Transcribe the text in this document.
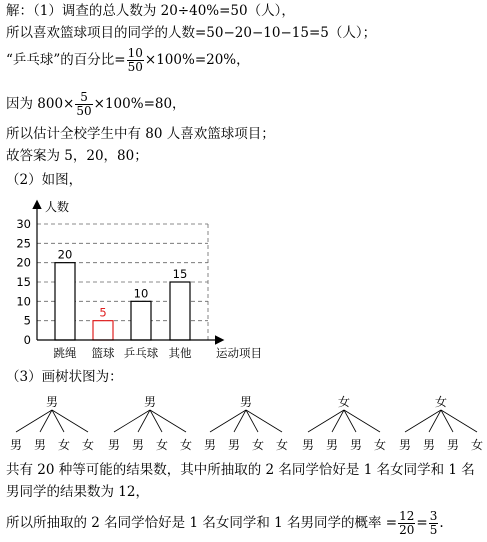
解：（1）调查的总人数为 20÷40%=50（人），
所以喜欢篮球项目的同学的人数=50−20−10−15=5（人）；
“乒乓球”的百分比= $\frac{10}{50} \times 100\%=20\%$，
因为 $800\times \frac{5}{50} \times 100\%=80$，
所以估计全校学生中有 80 人喜欢篮球项目；
故答案为 5，20，80；
（2）如图，
0
5
10
15
20
25
30
20
跳绳
5
篮球
10
乒乓球
15
其他
人数
运动项目
（3）画树状图为：
男
男 男 女 女
男
男 男 女 女
男
男 男 女 女
女
男 男 男 女
女
男 男 男 女
共有 20 种等可能的结果数，其中所抽取的 2 名同学恰好是 1 名女同学和 1 名
男同学的结果数为 12，
所以所抽取的 2 名同学恰好是 1 名女同学和 1 名男同学的概率 = $\frac{12}{20} = \frac{3}{5}$ .
